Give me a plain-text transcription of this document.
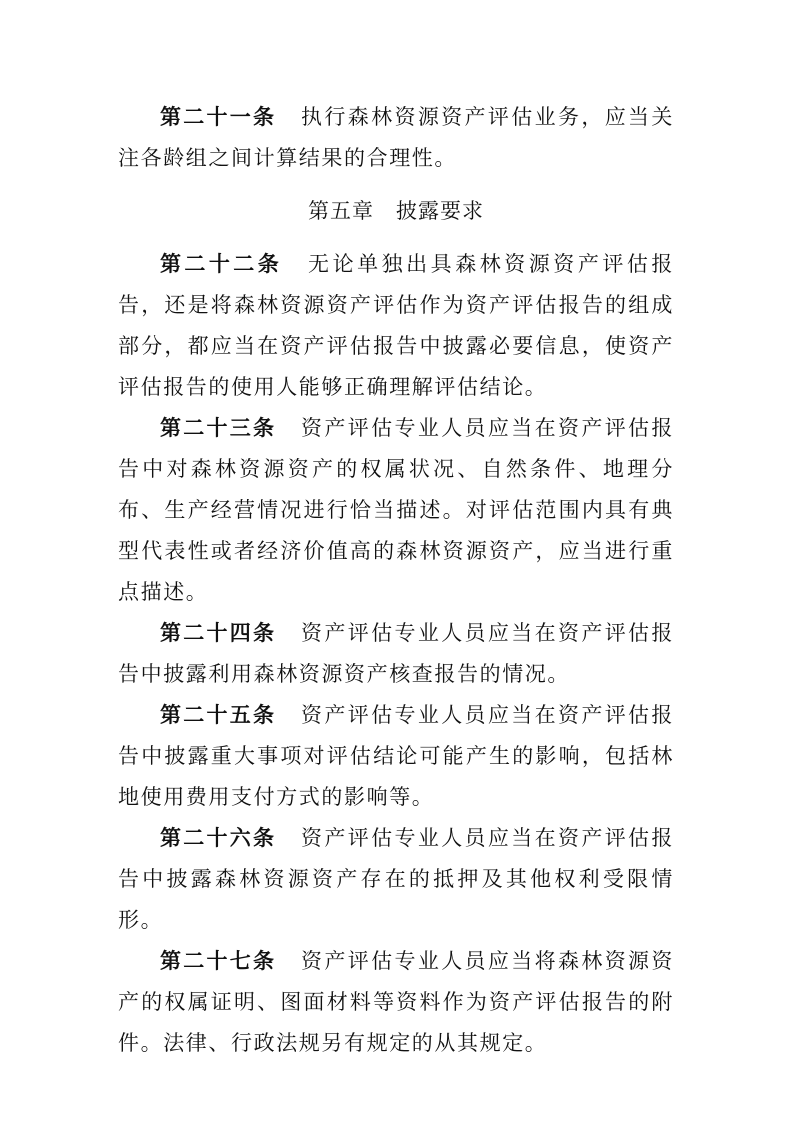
第二十一条 执行森林资源资产评估业务，应当关注各龄组之间计算结果的合理性。

第五章 披露要求

第二十二条 无论单独出具森林资源资产评估报告，还是将森林资源资产评估作为资产评估报告的组成部分，都应当在资产评估报告中披露必要信息，使资产评估报告的使用人能够正确理解评估结论。

第二十三条 资产评估专业人员应当在资产评估报告中对森林资源资产的权属状况、自然条件、地理分布、生产经营情况进行恰当描述。对评估范围内具有典型代表性或者经济价值高的森林资源资产，应当进行重点描述。

第二十四条 资产评估专业人员应当在资产评估报告中披露利用森林资源资产核查报告的情况。

第二十五条 资产评估专业人员应当在资产评估报告中披露重大事项对评估结论可能产生的影响，包括林地使用费用支付方式的影响等。

第二十六条 资产评估专业人员应当在资产评估报告中披露森林资源资产存在的抵押及其他权利受限情形。

第二十七条 资产评估专业人员应当将森林资源资产的权属证明、图面材料等资料作为资产评估报告的附件。法律、行政法规另有规定的从其规定。
